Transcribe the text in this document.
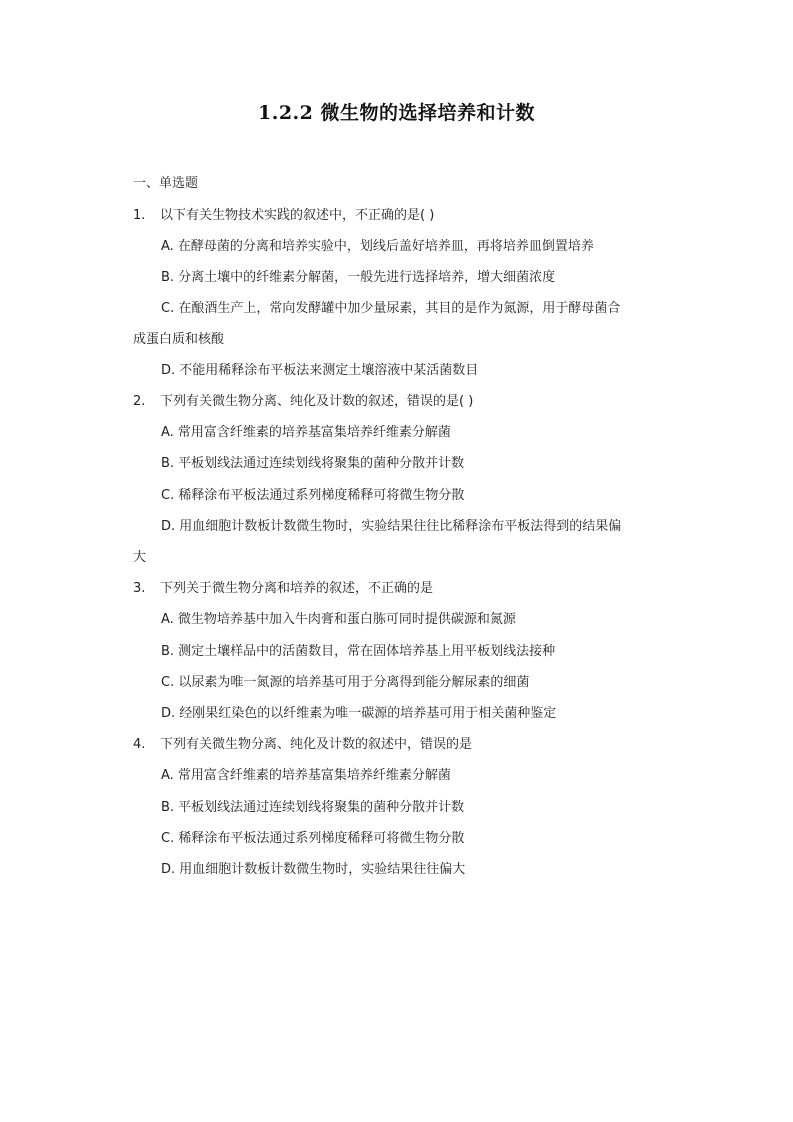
1.2.2 微生物的选择培养和计数
一、单选题
1. 以下有关生物技术实践的叙述中，不正确的是( )
A. 在酵母菌的分离和培养实验中，划线后盖好培养皿，再将培养皿倒置培养
B. 分离土壤中的纤维素分解菌，一般先进行选择培养，增大细菌浓度
C. 在酿酒生产上，常向发酵罐中加少量尿素，其目的是作为氮源，用于酵母菌合
成蛋白质和核酸
D. 不能用稀释涂布平板法来测定土壤溶液中某活菌数目
2. 下列有关微生物分离、纯化及计数的叙述，错误的是( )
A. 常用富含纤维素的培养基富集培养纤维素分解菌
B. 平板划线法通过连续划线将聚集的菌种分散并计数
C. 稀释涂布平板法通过系列梯度稀释可将微生物分散
D. 用血细胞计数板计数微生物时，实验结果往往比稀释涂布平板法得到的结果偏
大
3. 下列关于微生物分离和培养的叙述，不正确的是
A. 微生物培养基中加入牛肉膏和蛋白胨可同时提供碳源和氮源
B. 测定土壤样品中的活菌数目，常在固体培养基上用平板划线法接种
C. 以尿素为唯一氮源的培养基可用于分离得到能分解尿素的细菌
D. 经刚果红染色的以纤维素为唯一碳源的培养基可用于相关菌种鉴定
4. 下列有关微生物分离、纯化及计数的叙述中，错误的是
A. 常用富含纤维素的培养基富集培养纤维素分解菌
B. 平板划线法通过连续划线将聚集的菌种分散并计数
C. 稀释涂布平板法通过系列梯度稀释可将微生物分散
D. 用血细胞计数板计数微生物时，实验结果往往偏大
